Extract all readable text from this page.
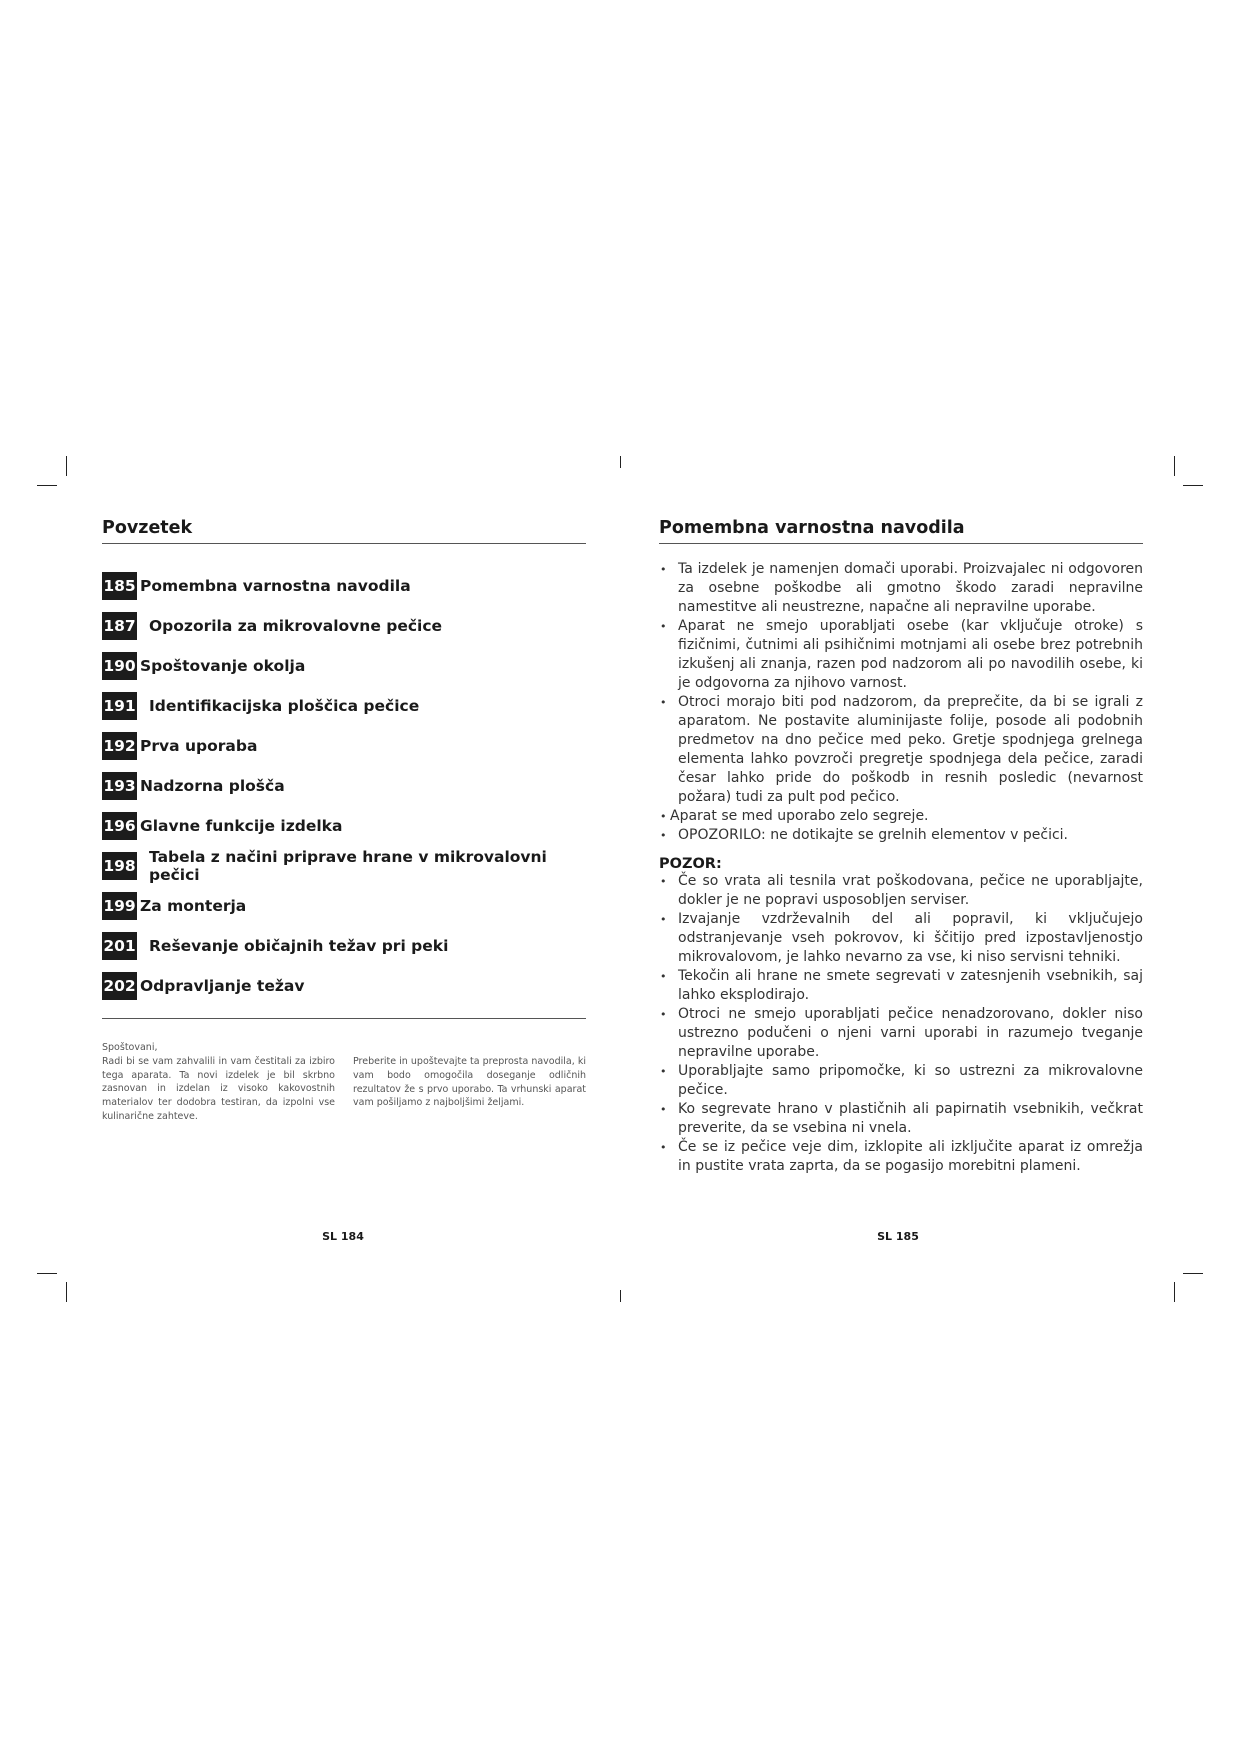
Povzetek
185 Pomembna varnostna navodila
187 Opozorila za mikrovalovne pečice
190 Spoštovanje okolja
191 Identifikacijska ploščica pečice
192 Prva uporaba
193 Nadzorna plošča
196 Glavne funkcije izdelka
198 Tabela z načini priprave hrane v mikrovalovni pečici
199 Za monterja
201 Reševanje običajnih težav pri peki
202 Odpravljanje težav
Spoštovani,
Radi bi se vam zahvalili in vam čestitali za izbiro tega aparata. Ta novi izdelek je bil skrbno zasnovan in izdelan iz visoko kakovostnih materialov ter dodobra testiran, da izpolni vse kulinarične zahteve.
Preberite in upoštevajte ta preprosta navodila, ki vam bodo omogočila doseganje odličnih rezultatov že s prvo uporabo. Ta vrhunski aparat vam pošiljamo z najboljšimi željami.
SL 184
Pomembna varnostna navodila
• Ta izdelek je namenjen domači uporabi. Proizvajalec ni odgovoren za osebne poškodbe ali gmotno škodo zaradi nepravilne namestitve ali neustrezne, napačne ali nepravilne uporabe.
• Aparat ne smejo uporabljati osebe (kar vključuje otroke) s fizičnimi, čutnimi ali psihičnimi motnjami ali osebe brez potrebnih izkušenj ali znanja, razen pod nadzorom ali po navodilih osebe, ki je odgovorna za njihovo varnost.
• Otroci morajo biti pod nadzorom, da preprečite, da bi se igrali z aparatom. Ne postavite aluminijaste folije, posode ali podobnih predmetov na dno pečice med peko. Gretje spodnjega grelnega elementa lahko povzroči pregretje spodnjega dela pečice, zaradi česar lahko pride do poškodb in resnih posledic (nevarnost požara) tudi za pult pod pečico.
• Aparat se med uporabo zelo segreje.
• OPOZORILO: ne dotikajte se grelnih elementov v pečici.

POZOR:

• Če so vrata ali tesnila vrat poškodovana, pečice ne uporabljajte, dokler je ne popravi usposobljen serviser.
• Izvajanje vzdrževalnih del ali popravil, ki vključujejo odstranjevanje vseh pokrovov, ki ščitijo pred izpostavljenostjo mikrovalovom, je lahko nevarno za vse, ki niso servisni tehniki.
• Tekočin ali hrane ne smete segrevati v zatesnjenih vsebnikih, saj lahko eksplodirajo.
• Otroci ne smejo uporabljati pečice nenadzorovano, dokler niso ustrezno podučeni o njeni varni uporabi in razumejo tveganje nepravilne uporabe.
• Uporabljajte samo pripomočke, ki so ustrezni za mikrovalovne pečice.
• Ko segrevate hrano v plastičnih ali papirnatih vsebnikih, večkrat preverite, da se vsebina ni vnela.
• Če se iz pečice veje dim, izklopite ali izključite aparat iz omrežja in pustite vrata zaprta, da se pogasijo morebitni plameni.
SL 185
